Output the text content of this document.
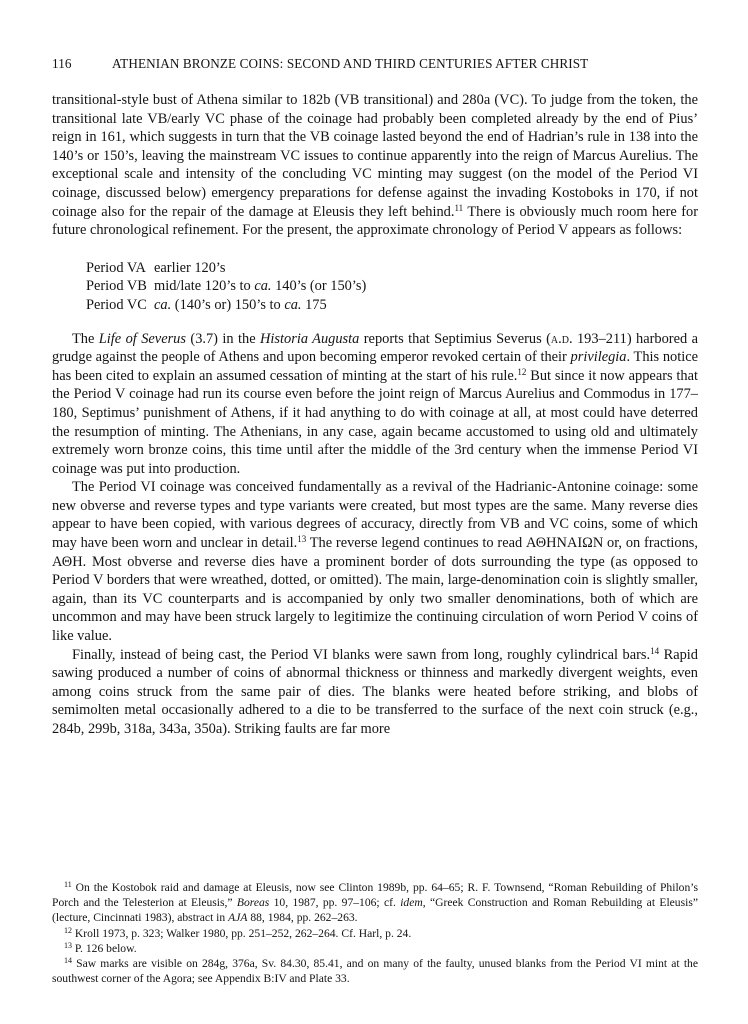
116	ATHENIAN BRONZE COINS: SECOND AND THIRD CENTURIES AFTER CHRIST

transitional-style bust of Athena similar to 182b (VB transitional) and 280a (VC). To judge from the token, the transitional late VB/early VC phase of the coinage had probably been completed already by the end of Pius’ reign in 161, which suggests in turn that the VB coinage lasted beyond the end of Hadrian’s rule in 138 into the 140’s or 150’s, leaving the mainstream VC issues to continue apparently into the reign of Marcus Aurelius. The exceptional scale and intensity of the concluding VC minting may suggest (on the model of the Period VI coinage, discussed below) emergency preparations for defense against the invading Kostoboks in 170, if not coinage also for the repair of the damage at Eleusis they left behind.$^{11}$ There is obviously much room here for future chronological refinement. For the present, the approximate chronology of Period V appears as follows:

Period VA earlier 120’s
Period VB mid/late 120’s to ca. 140’s (or 150’s)
Period VC ca. (140’s or) 150’s to ca. 175

The Life of Severus (3.7) in the Historia Augusta reports that Septimius Severus (a.d. 193–211) harbored a grudge against the people of Athens and upon becoming emperor revoked certain of their privilegia. This notice has been cited to explain an assumed cessation of minting at the start of his rule.$^{12}$ But since it now appears that the Period V coinage had run its course even before the joint reign of Marcus Aurelius and Commodus in 177–180, Septimus’ punishment of Athens, if it had anything to do with coinage at all, at most could have deterred the resumption of minting. The Athenians, in any case, again became accustomed to using old and ultimately extremely worn bronze coins, this time until after the middle of the 3rd century when the immense Period VI coinage was put into production.

The Period VI coinage was conceived fundamentally as a revival of the Hadrianic-Antonine coinage: some new obverse and reverse types and type variants were created, but most types are the same. Many reverse dies appear to have been copied, with various degrees of accuracy, directly from VB and VC coins, some of which may have been worn and unclear in detail.$^{13}$ The reverse legend continues to read ΑΘΗΝΑΙΩΝ or, on fractions, ΑΘΗ. Most obverse and reverse dies have a prominent border of dots surrounding the type (as opposed to Period V borders that were wreathed, dotted, or omitted). The main, large-denomination coin is slightly smaller, again, than its VC counterparts and is accompanied by only two smaller denominations, both of which are uncommon and may have been struck largely to legitimize the continuing circulation of worn Period V coins of like value.

Finally, instead of being cast, the Period VI blanks were sawn from long, roughly cylindrical bars.$^{14}$ Rapid sawing produced a number of coins of abnormal thickness or thinness and markedly divergent weights, even among coins struck from the same pair of dies. The blanks were heated before striking, and blobs of semimolten metal occasionally adhered to a die to be transferred to the surface of the next coin struck (e.g., 284b, 299b, 318a, 343a, 350a). Striking faults are far more

$^{11}$ On the Kostobok raid and damage at Eleusis, now see Clinton 1989b, pp. 64–65; R. F. Townsend, “Roman Rebuilding of Philon’s Porch and the Telesterion at Eleusis,” Boreas 10, 1987, pp. 97–106; cf. idem, “Greek Construction and Roman Rebuilding at Eleusis” (lecture, Cincinnati 1983), abstract in AJA 88, 1984, pp. 262–263.

$^{12}$ Kroll 1973, p. 323; Walker 1980, pp. 251–252, 262–264. Cf. Harl, p. 24.

$^{13}$ P. 126 below.

$^{14}$ Saw marks are visible on 284g, 376a, Sv. 84.30, 85.41, and on many of the faulty, unused blanks from the Period VI mint at the southwest corner of the Agora; see Appendix B:IV and Plate 33.
